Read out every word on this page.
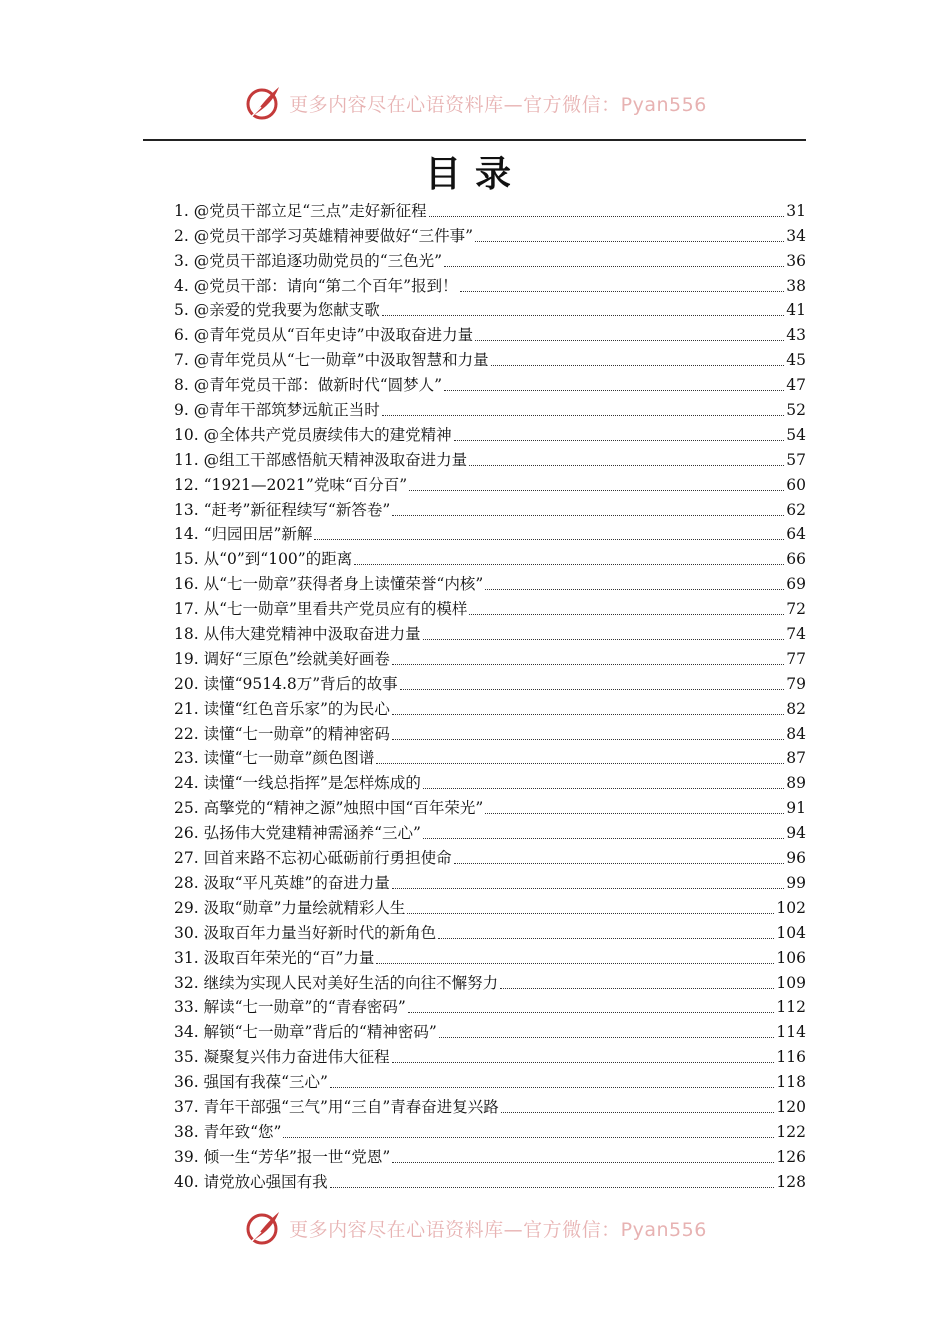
更多内容尽在心语资料库—官方微信：Pyan556
目录
1. @党员干部立足“三点”走好新征程	31
2. @党员干部学习英雄精神要做好“三件事”	34
3. @党员干部追逐功勋党员的“三色光”	36
4. @党员干部：请向“第二个百年”报到！	38
5. @亲爱的党我要为您献支歌	41
6. @青年党员从“百年史诗”中汲取奋进力量	43
7. @青年党员从“七一勋章”中汲取智慧和力量	45
8. @青年党员干部：做新时代“圆梦人”	47
9. @青年干部筑梦远航正当时	52
10. @全体共产党员赓续伟大的建党精神	54
11. @组工干部感悟航天精神汲取奋进力量	57
12. “1921—2021”党味“百分百”	60
13. “赶考”新征程续写“新答卷”	62
14. “归园田居”新解	64
15. 从“0”到“100”的距离	66
16. 从“七一勋章”获得者身上读懂荣誉“内核”	69
17. 从“七一勋章”里看共产党员应有的模样	72
18. 从伟大建党精神中汲取奋进力量	74
19. 调好“三原色”绘就美好画卷	77
20. 读懂“9514.8万”背后的故事	79
21. 读懂“红色音乐家”的为民心	82
22. 读懂“七一勋章”的精神密码	84
23. 读懂“七一勋章”颜色图谱	87
24. 读懂“一线总指挥”是怎样炼成的	89
25. 高擎党的“精神之源”烛照中国“百年荣光”	91
26. 弘扬伟大党建精神需涵养“三心”	94
27. 回首来路不忘初心砥砺前行勇担使命	96
28. 汲取“平凡英雄”的奋进力量	99
29. 汲取“勋章”力量绘就精彩人生	102
30. 汲取百年力量当好新时代的新角色	104
31. 汲取百年荣光的“百”力量	106
32. 继续为实现人民对美好生活的向往不懈努力	109
33. 解读“七一勋章”的“青春密码”	112
34. 解锁“七一勋章”背后的“精神密码”	114
35. 凝聚复兴伟力奋进伟大征程	116
36. 强国有我葆“三心”	118
37. 青年干部强“三气”用“三自”青春奋进复兴路	120
38. 青年致“您”	122
39. 倾一生“芳华”报一世“党恩”	126
40. 请党放心强国有我	128
更多内容尽在心语资料库—官方微信：Pyan556
